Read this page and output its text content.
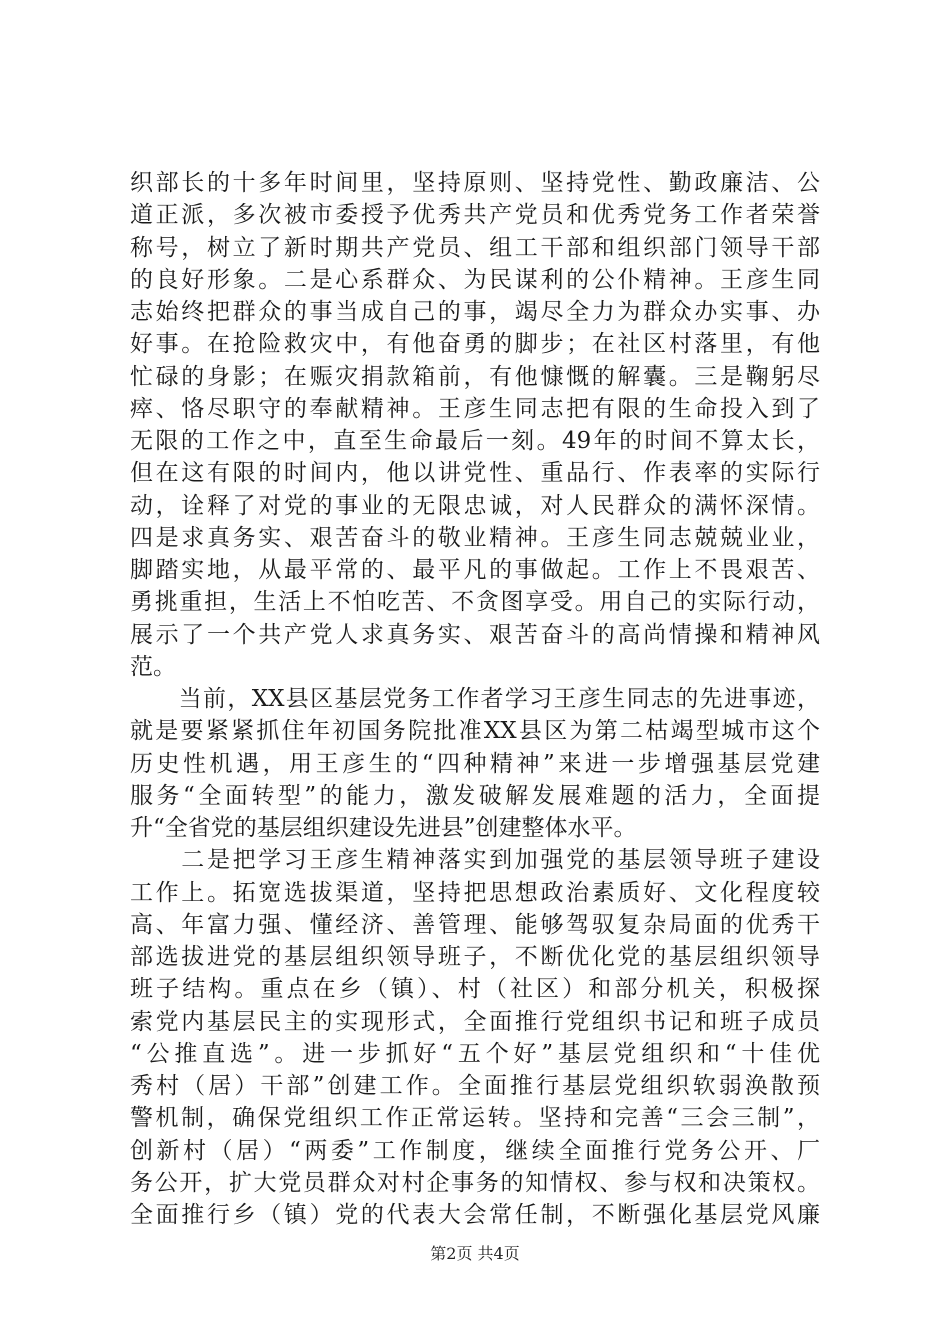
织部长的十多年时间里，坚持原则、坚持党性、勤政廉洁、公
道正派，多次被市委授予优秀共产党员和优秀党务工作者荣誉
称号，树立了新时期共产党员、组工干部和组织部门领导干部
的良好形象。二是心系群众、为民谋利的公仆精神。王彦生同
志始终把群众的事当成自己的事，竭尽全力为群众办实事、办
好事。在抢险救灾中，有他奋勇的脚步；在社区村落里，有他
忙碌的身影；在赈灾捐款箱前，有他慷慨的解囊。三是鞠躬尽
瘁、恪尽职守的奉献精神。王彦生同志把有限的生命投入到了
无限的工作之中，直至生命最后一刻。49年的时间不算太长，
但在这有限的时间内，他以讲党性、重品行、作表率的实际行
动，诠释了对党的事业的无限忠诚，对人民群众的满怀深情。
四是求真务实、艰苦奋斗的敬业精神。王彦生同志兢兢业业，
脚踏实地，从最平常的、最平凡的事做起。工作上不畏艰苦、
勇挑重担，生活上不怕吃苦、不贪图享受。用自己的实际行动，
展示了一个共产党人求真务实、艰苦奋斗的高尚情操和精神风
范。
　　当前，XX县区基层党务工作者学习王彦生同志的先进事迹，
就是要紧紧抓住年初国务院批准XX县区为第二枯竭型城市这个
历史性机遇，用王彦生的“四种精神”来进一步增强基层党建
服务“全面转型”的能力，激发破解发展难题的活力，全面提
升“全省党的基层组织建设先进县”创建整体水平。
　　二是把学习王彦生精神落实到加强党的基层领导班子建设
工作上。拓宽选拔渠道，坚持把思想政治素质好、文化程度较
高、年富力强、懂经济、善管理、能够驾驭复杂局面的优秀干
部选拔进党的基层组织领导班子，不断优化党的基层组织领导
班子结构。重点在乡（镇）、村（社区）和部分机关，积极探
索党内基层民主的实现形式，全面推行党组织书记和班子成员
“公推直选”。进一步抓好“五个好”基层党组织和“十佳优
秀村（居）干部”创建工作。全面推行基层党组织软弱涣散预
警机制，确保党组织工作正常运转。坚持和完善“三会三制”，
创新村（居）“两委”工作制度，继续全面推行党务公开、厂
务公开，扩大党员群众对村企事务的知情权、参与权和决策权。
全面推行乡（镇）党的代表大会常任制，不断强化基层党风廉
第2页 共4页
